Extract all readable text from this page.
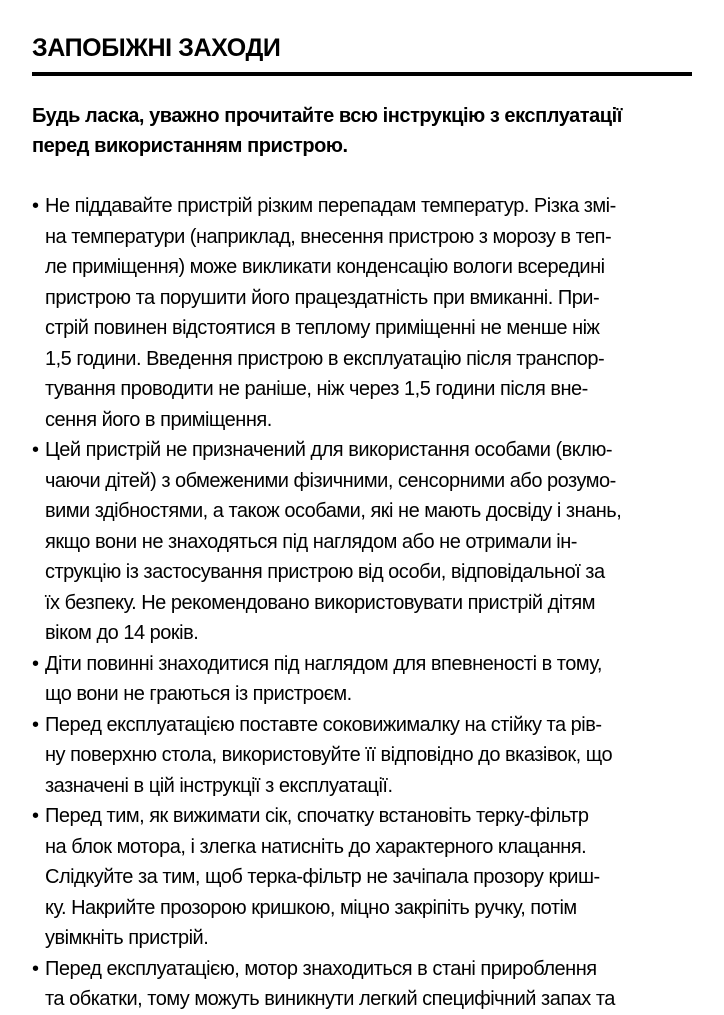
ЗАПОБІЖНІ ЗАХОДИ

Будь ласка, уважно прочитайте всю інструкцію з експлуатації
перед використанням пристрою.

• Не піддавайте пристрій різким перепадам температур. Різка змі-
на температури (наприклад, внесення пристрою з морозу в теп-
ле приміщення) може викликати конденсацію вологи всередині
пристрою та порушити його працездатність при вмиканні. При-
стрій повинен відстоятися в теплому приміщенні не менше ніж
1,5 години. Введення пристрою в експлуатацію після транспор-
тування проводити не раніше, ніж через 1,5 години після вне-
сення його в приміщення.
• Цей пристрій не призначений для використання особами (вклю-
чаючи дітей) з обмеженими фізичними, сенсорними або розумо-
вими здібностями, а також особами, які не мають досвіду і знань,
якщо вони не знаходяться під наглядом або не отримали ін-
струкцію із застосування пристрою від особи, відповідальної за
їх безпеку. Не рекомендовано використовувати пристрій дітям
віком до 14 років.
• Діти повинні знаходитися під наглядом для впевненості в тому,
що вони не граються із пристроєм.
• Перед експлуатацією поставте соковижималку на стійку та рів-
ну поверхню стола, використовуйте її відповідно до вказівок, що
зазначені в цій інструкції з експлуатації.
• Перед тим, як вижимати сік, спочатку встановіть терку-фільтр
на блок мотора, і злегка натисніть до характерного клацання.
Слідкуйте за тим, щоб терка-фільтр не зачіпала прозору криш-
ку. Накрийте прозорою кришкою, міцно закріпіть ручку, потім
увімкніть пристрій.
• Перед експлуатацією, мотор знаходиться в стані прироблення
та обкатки, тому можуть виникнути легкий специфічний запах та
